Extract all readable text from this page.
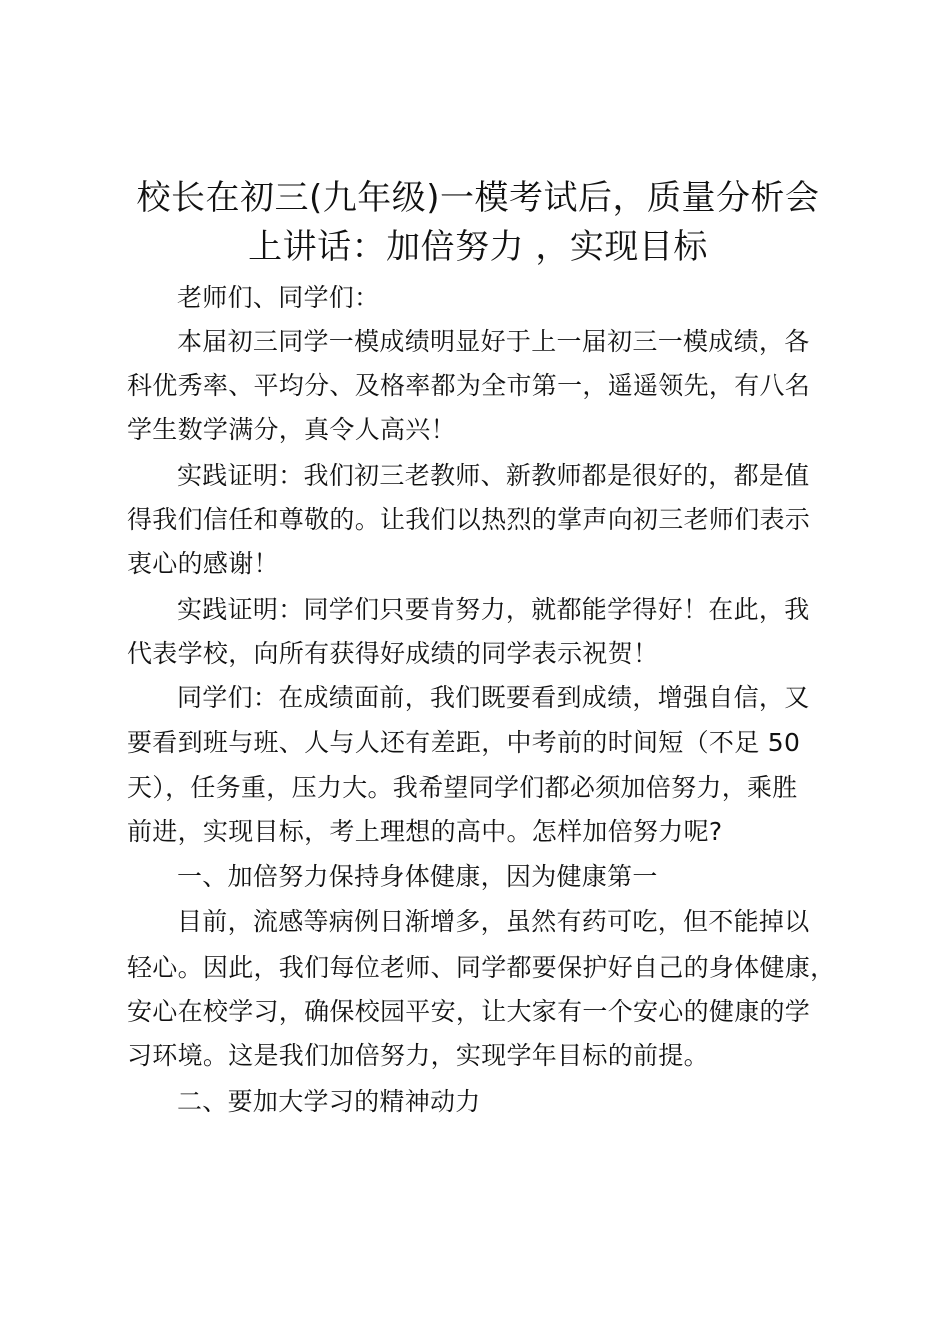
校长在初三(九年级)一模考试后，质量分析会
上讲话：加倍努力 ，实现目标
老师们、同学们：
本届初三同学一模成绩明显好于上一届初三一模成绩，各
科优秀率、平均分、及格率都为全市第一，遥遥领先，有八名
学生数学满分，真令人高兴！
实践证明：我们初三老教师、新教师都是很好的，都是值
得我们信任和尊敬的。让我们以热烈的掌声向初三老师们表示
衷心的感谢！
实践证明：同学们只要肯努力，就都能学得好！在此，我
代表学校，向所有获得好成绩的同学表示祝贺！
同学们：在成绩面前，我们既要看到成绩，增强自信，又
要看到班与班、人与人还有差距，中考前的时间短（不足 50
天），任务重，压力大。我希望同学们都必须加倍努力，乘胜
前进，实现目标，考上理想的高中。怎样加倍努力呢?
一、加倍努力保持身体健康，因为健康第一
目前，流感等病例日渐增多，虽然有药可吃，但不能掉以
轻心。因此，我们每位老师、同学都要保护好自己的身体健康，
安心在校学习，确保校园平安，让大家有一个安心的健康的学
习环境。这是我们加倍努力，实现学年目标的前提。
二、要加大学习的精神动力
